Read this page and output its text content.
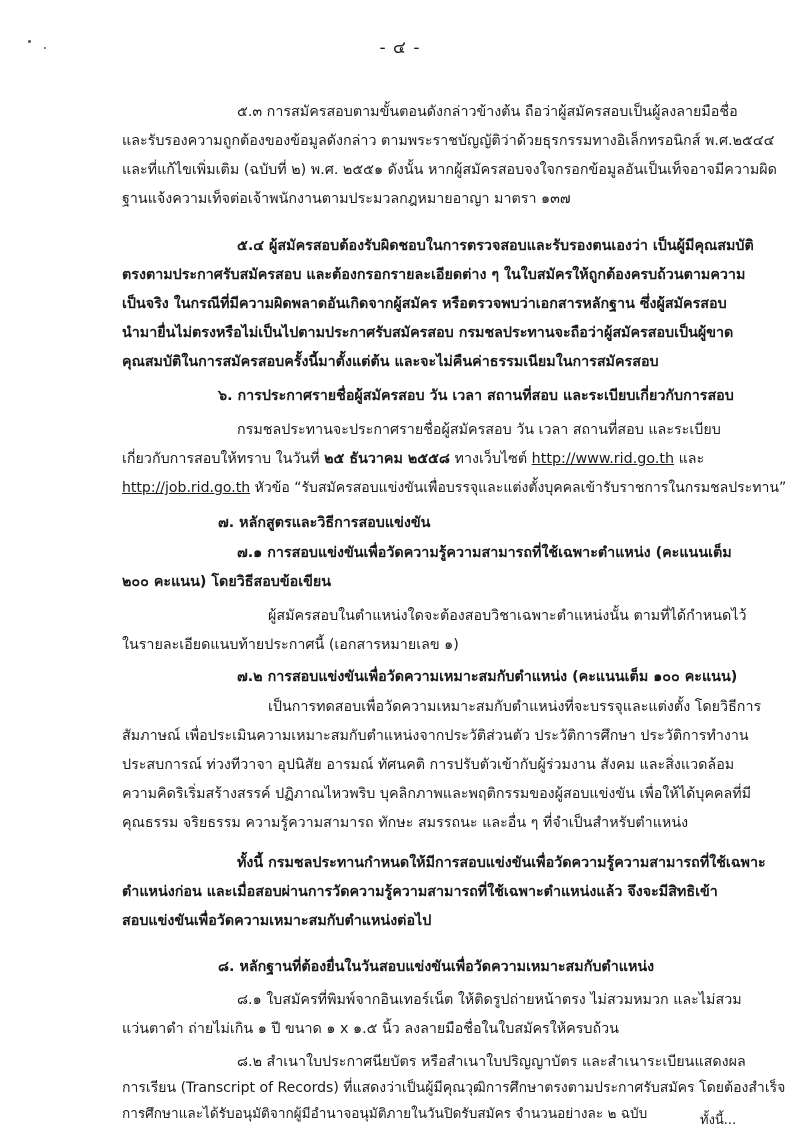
- ๔ -
๕.๓ การสมัครสอบตามขั้นตอนดังกล่าวข้างต้น ถือว่าผู้สมัครสอบเป็นผู้ลงลายมือชื่อ
และรับรองความถูกต้องของข้อมูลดังกล่าว ตามพระราชบัญญัติว่าด้วยธุรกรรมทางอิเล็กทรอนิกส์ พ.ศ.๒๕๔๔
และที่แก้ไขเพิ่มเติม (ฉบับที่ ๒) พ.ศ. ๒๕๕๑ ดังนั้น หากผู้สมัครสอบจงใจกรอกข้อมูลอันเป็นเท็จอาจมีความผิด
ฐานแจ้งความเท็จต่อเจ้าพนักงานตามประมวลกฎหมายอาญา มาตรา ๑๓๗
๕.๔ ผู้สมัครสอบต้องรับผิดชอบในการตรวจสอบและรับรองตนเองว่า เป็นผู้มีคุณสมบัติ
ตรงตามประกาศรับสมัครสอบ และต้องกรอกรายละเอียดต่าง ๆ ในใบสมัครให้ถูกต้องครบถ้วนตามความ
เป็นจริง ในกรณีที่มีความผิดพลาดอันเกิดจากผู้สมัคร หรือตรวจพบว่าเอกสารหลักฐาน ซึ่งผู้สมัครสอบ
นำมายื่นไม่ตรงหรือไม่เป็นไปตามประกาศรับสมัครสอบ กรมชลประทานจะถือว่าผู้สมัครสอบเป็นผู้ขาด
คุณสมบัติในการสมัครสอบครั้งนี้มาตั้งแต่ต้น และจะไม่คืนค่าธรรมเนียมในการสมัครสอบ
๖. การประกาศรายชื่อผู้สมัครสอบ วัน เวลา สถานที่สอบ และระเบียบเกี่ยวกับการสอบ
กรมชลประทานจะประกาศรายชื่อผู้สมัครสอบ วัน เวลา สถานที่สอบ และระเบียบ
เกี่ยวกับการสอบให้ทราบ ในวันที่ ๒๕ ธันวาคม ๒๕๕๘ ทางเว็บไซต์ http://www.rid.go.th และ
http://job.rid.go.th หัวข้อ “รับสมัครสอบแข่งขันเพื่อบรรจุและแต่งตั้งบุคคลเข้ารับราชการในกรมชลประทาน”
๗. หลักสูตรและวิธีการสอบแข่งขัน
๗.๑ การสอบแข่งขันเพื่อวัดความรู้ความสามารถที่ใช้เฉพาะตำแหน่ง (คะแนนเต็ม
๒๐๐ คะแนน) โดยวิธีสอบข้อเขียน
ผู้สมัครสอบในตำแหน่งใดจะต้องสอบวิชาเฉพาะตำแหน่งนั้น ตามที่ได้กำหนดไว้
ในรายละเอียดแนบท้ายประกาศนี้ (เอกสารหมายเลข ๑)
๗.๒ การสอบแข่งขันเพื่อวัดความเหมาะสมกับตำแหน่ง (คะแนนเต็ม ๑๐๐ คะแนน)
เป็นการทดสอบเพื่อวัดความเหมาะสมกับตำแหน่งที่จะบรรจุและแต่งตั้ง โดยวิธีการ
สัมภาษณ์ เพื่อประเมินความเหมาะสมกับตำแหน่งจากประวัติส่วนตัว ประวัติการศึกษา ประวัติการทำงาน
ประสบการณ์ ท่วงทีวาจา อุปนิสัย อารมณ์ ทัศนคติ การปรับตัวเข้ากับผู้ร่วมงาน สังคม และสิ่งแวดล้อม
ความคิดริเริ่มสร้างสรรค์ ปฏิภาณไหวพริบ บุคลิกภาพและพฤติกรรมของผู้สอบแข่งขัน เพื่อให้ได้บุคคลที่มี
คุณธรรม จริยธรรม ความรู้ความสามารถ ทักษะ สมรรถนะ และอื่น ๆ ที่จำเป็นสำหรับตำแหน่ง
ทั้งนี้ กรมชลประทานกำหนดให้มีการสอบแข่งขันเพื่อวัดความรู้ความสามารถที่ใช้เฉพาะ
ตำแหน่งก่อน และเมื่อสอบผ่านการวัดความรู้ความสามารถที่ใช้เฉพาะตำแหน่งแล้ว จึงจะมีสิทธิเข้า
สอบแข่งขันเพื่อวัดความเหมาะสมกับตำแหน่งต่อไป
๘. หลักฐานที่ต้องยื่นในวันสอบแข่งขันเพื่อวัดความเหมาะสมกับตำแหน่ง
๘.๑ ใบสมัครที่พิมพ์จากอินเทอร์เน็ต ให้ติดรูปถ่ายหน้าตรง ไม่สวมหมวก และไม่สวม
แว่นตาดำ ถ่ายไม่เกิน ๑ ปี ขนาด ๑ x ๑.๕ นิ้ว ลงลายมือชื่อในใบสมัครให้ครบถ้วน
๘.๒ สำเนาใบประกาศนียบัตร หรือสำเนาใบปริญญาบัตร และสำเนาระเบียนแสดงผล
การเรียน (Transcript of Records) ที่แสดงว่าเป็นผู้มีคุณวุฒิการศึกษาตรงตามประกาศรับสมัคร โดยต้องสำเร็จ
การศึกษาและได้รับอนุมัติจากผู้มีอำนาจอนุมัติภายในวันปิดรับสมัคร จำนวนอย่างละ ๒ ฉบับ	ทั้งนี้...
